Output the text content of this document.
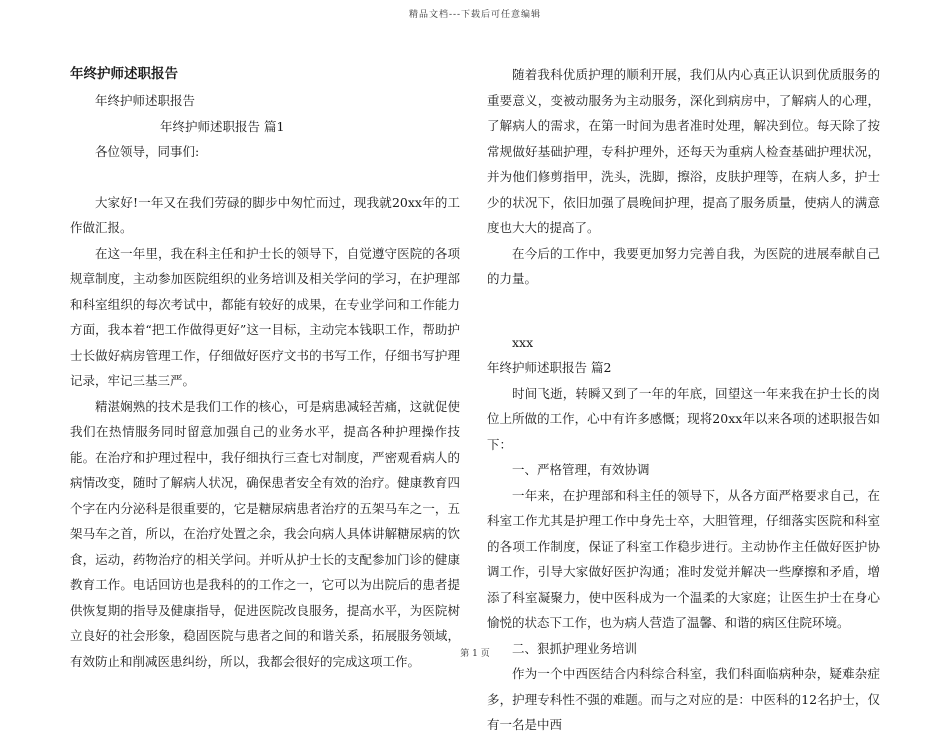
精品文档---下载后可任意编辑
年终护师述职报告

年终护师述职报告

年终护师述职报告 篇1

各位领导，同事们:

大家好!一年又在我们劳碌的脚步中匆忙而过，现我就20xx年的工作做汇报。

在这一年里，我在科主任和护士长的领导下，自觉遵守医院的各项规章制度，主动参加医院组织的业务培训及相关学问的学习，在护理部和科室组织的每次考试中，都能有较好的成果，在专业学问和工作能力方面，我本着“把工作做得更好”这一目标，主动完本钱职工作，帮助护士长做好病房管理工作，仔细做好医疗文书的书写工作，仔细书写护理记录，牢记三基三严。

精湛娴熟的技术是我们工作的核心，可是病患减轻苦痛，这就促使我们在热情服务同时留意加强自己的业务水平，提高各种护理操作技能。在治疗和护理过程中，我仔细执行三查七对制度，严密观看病人的病情改变，随时了解病人状况，确保患者安全有效的治疗。健康教育四个字在内分泌科是很重要的，它是糖尿病患者治疗的五架马车之一，五架马车之首，所以，在治疗处置之余，我会向病人具体讲解糖尿病的饮食，运动，药物治疗的相关学问。并听从护士长的支配参加门诊的健康教育工作。电话回访也是我科的的工作之一，它可以为出院后的患者提供恢复期的指导及健康指导，促进医院改良服务，提高水平，为医院树立良好的社会形象，稳固医院与患者之间的和谐关系，拓展服务领域，有效防止和削减医患纠纷，所以，我都会很好的完成这项工作。

随着我科优质护理的顺利开展，我们从内心真正认识到优质服务的重要意义，变被动服务为主动服务，深化到病房中，了解病人的心理，了解病人的需求，在第一时间为患者准时处理，解决到位。每天除了按常规做好基础护理，专科护理外，还每天为重病人检查基础护理状况，并为他们修剪指甲，洗头，洗脚，擦浴，皮肤护理等，在病人多，护士少的状况下，依旧加强了晨晚间护理，提高了服务质量，使病人的满意度也大大的提高了。

在今后的工作中，我要更加努力完善自我，为医院的进展奉献自己的力量。

xxx

年终护师述职报告 篇2

时间飞逝，转瞬又到了一年的年底，回望这一年来我在护士长的岗位上所做的工作，心中有许多感慨；现将20xx年以来各项的述职报告如下：

一、严格管理，有效协调

一年来，在护理部和科主任的领导下，从各方面严格要求自己，在科室工作尤其是护理工作中身先士卒，大胆管理，仔细落实医院和科室的各项工作制度，保证了科室工作稳步进行。主动协作主任做好医护协调工作，引导大家做好医护沟通；准时发觉并解决一些摩擦和矛盾，增添了科室凝聚力，使中医科成为一个温柔的大家庭；让医生护士在身心愉悦的状态下工作，也为病人营造了温馨、和谐的病区住院环境。

二、狠抓护理业务培训

作为一个中西医结合内科综合科室，我们科面临病种杂，疑难杂症多，护理专科性不强的难题。而与之对应的是：中医科的12名护士，仅有一名是中西

第 1 页
